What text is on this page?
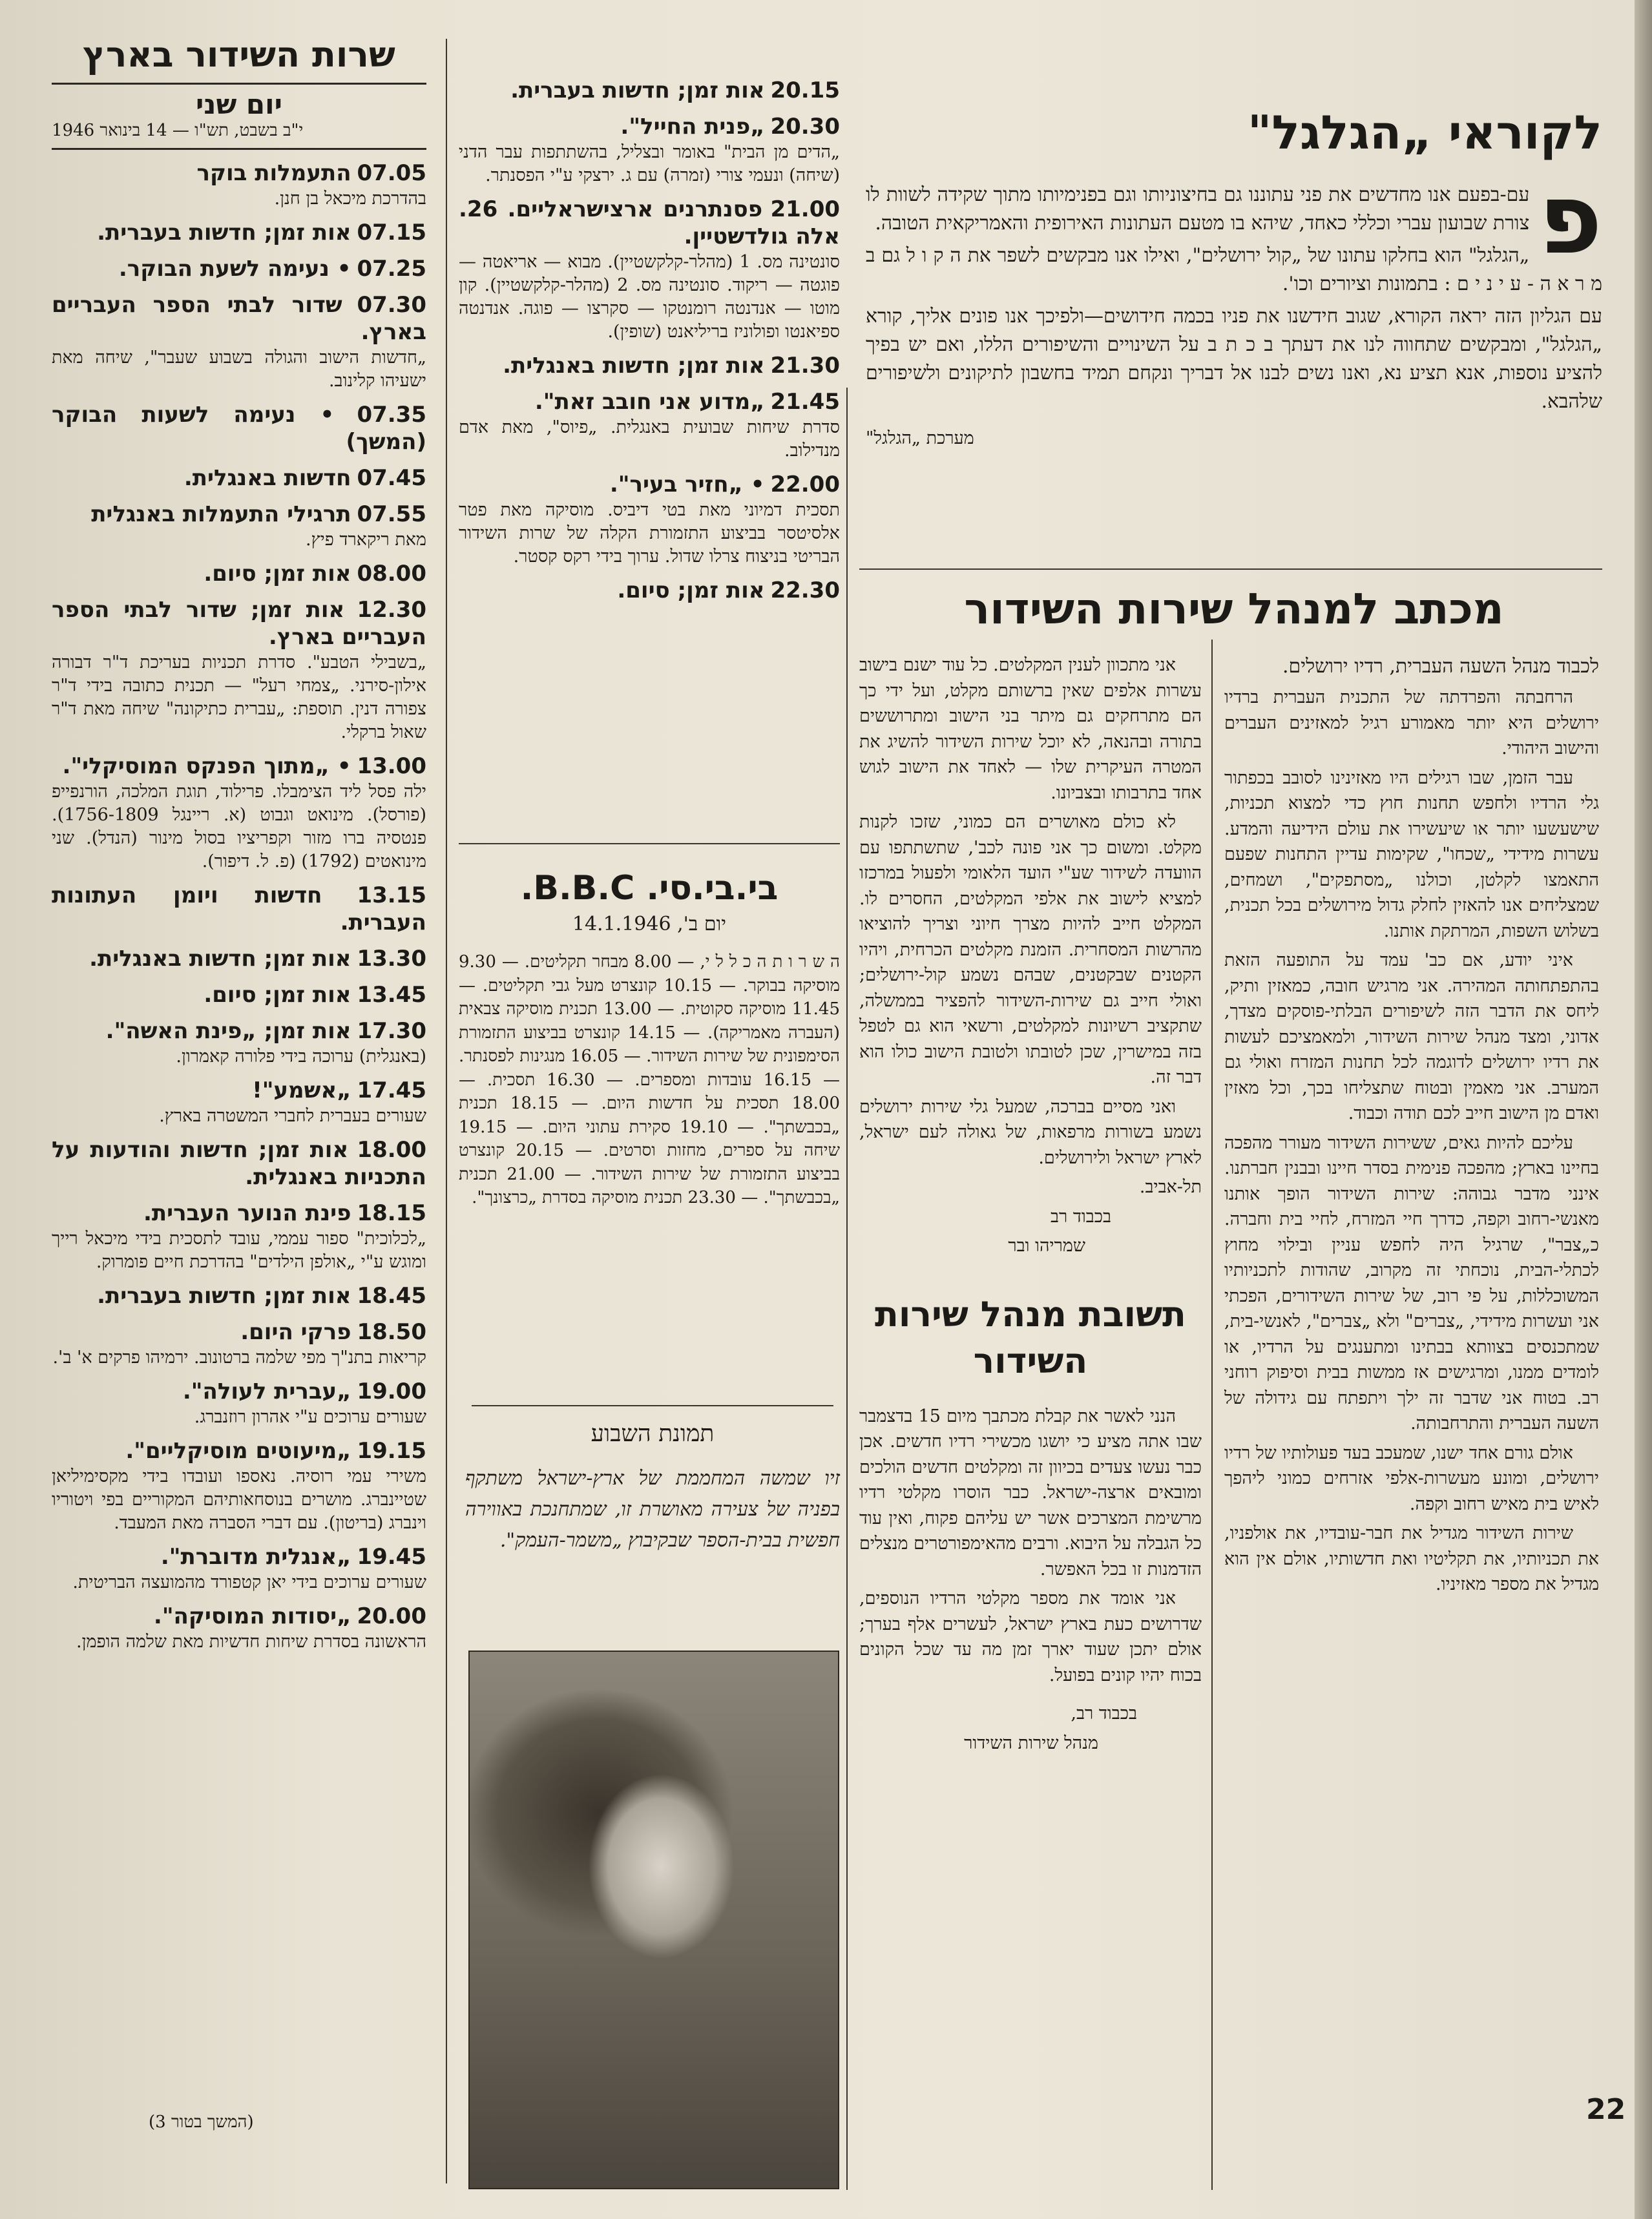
לקוראי „הגלגל"
פ

עם-בפעם אנו מחדשים את פני עתוננו גם בחיצוניותו וגם בפנימיותו מתוך שקידה לשוות לו צורת שבועון עברי וכללי כאחד, שיהא בו מטעם העתונות האירופית והאמריקאית הטובה.

„הגלגל" הוא בחלקו עתונו של „קול ירושלים", ואילו אנו מבקשים לשפר את ה ק ו ל גם ב מ ר א ה - ע י נ י ם : בתמונות וציורים וכו'.

עם הגליון הזה יראה הקורא, שגוב חידשנו את פניו בכמה חידושים—ולפיכך אנו פונים אליך, קורא „הגלגל", ומבקשים שתחווה לנו את דעתך ב כ ת ב על השינויים והשיפורים הללו, ואם יש בפיך להציע נוספות, אנא תציע נא, ואנו נשים לבנו אל דבריך ונקחם תמיד בחשבון לתיקונים ולשיפורים שלהבא.

מערכת „הגלגל"
מכתב למנהל שירות השידור

לכבוד מנהל השעה העברית, רדיו ירושלים.

הרחבתה והפרדתה של התכנית העברית ברדיו ירושלים היא יותר מאמורע רגיל למאזינים העברים והישוב היהודי.

עבר הזמן, שבו רגילים היו מאזינינו לסובב בכפתור גלי הרדיו ולחפש תחנות חוץ כדי למצוא תכניות, שישעשעו יותר או שיעשירו את עולם הידיעה והמדע. עשרות מידידי „שכחו", שקימות עדיין התחנות שפעם התאמצו לקלטן, וכולנו „מסתפקים", ושמחים, שמצליחים אנו להאזין לחלק גדול מירושלים בכל תכנית, בשלוש השפות, המרתקת אותנו.

איני יודע, אם כב' עמד על התופעה הזאת בהתפתחותה המהירה. אני מרגיש חובה, כמאזין ותיק, ליחס את הדבר הזה לשיפורים הבלתי-פוסקים מצדך, אדוני, ומצד מנהל שירות השידור, ולמאמציכם לעשות את רדיו ירושלים לדוגמה לכל תחנות המזרח ואולי גם המערב. אני מאמין ובטוח שתצליחו בכך, וכל מאזין ואדם מן הישוב חייב לכם תודה וכבוד.

עליכם להיות גאים, ששירות השידור מעורר מהפכה בחיינו בארץ; מהפכה פנימית בסדר חיינו ובבנין חברתנו. אינני מדבר גבוהה: שירות השידור הופך אותנו מאנשי-רחוב וקפה, כדרך חיי המזרח, לחיי בית וחברה. כ„צבר", שרגיל היה לחפש עניין ובילוי מחוץ לכתלי-הבית, נוכחתי זה מקרוב, שהודות לתכניותיו המשוכללות, על פי רוב, של שירות השידורים, הפכתי אני ועשרות מידידי, „צברים" ולא „צברים", לאנשי-בית, שמתכנסים בצוותא בבתינו ומתענגים על הרדיו, או לומדים ממנו, ומרגישים אז ממשות בבית וסיפוק רוחני רב. בטוח אני שדבר זה ילך ויתפתח עם גידולה של השעה העברית והתרחבותה.

אולם גורם אחד ישנו, שמעכב בעד פעולותיו של רדיו ירושלים, ומונע מעשרות-אלפי אזרחים כמוני ליהפך לאיש בית מאיש רחוב וקפה.

שירות השידור מגדיל את חבר-עובדיו, את אולפניו, את תכניותיו, את תקליטיו ואת חדשותיו, אולם אין הוא מגדיל את מספר מאזיניו.

אני מתכוון לענין המקלטים. כל עוד ישנם בישוב עשרות אלפים שאין ברשותם מקלט, ועל ידי כך הם מתרחקים גם מיתר בני הישוב ומתרוששים בתורה ובהנאה, לא יוכל שירות השידור להשיג את המטרה העיקרית שלו — לאחד את הישוב לגוש אחד בתרבותו ובצביונו.

לא כולם מאושרים הם כמוני, שזכו לקנות מקלט. ומשום כך אני פונה לכב', שתשתתפו עם הוועדה לשידור שע"י הועד הלאומי ולפעול במרכזו למציא לישוב את אלפי המקלטים, החסרים לו. המקלט חייב להיות מצרך חיוני וצריך להוציאו מהרשות המסחרית. הזמנת מקלטים הכרחית, ויהיו הקטנים שבקטנים, שבהם נשמע קול-ירושלים; ואולי חייב גם שירות-השידור להפציר בממשלה, שתקציב רשיונות למקלטים, ורשאי הוא גם לטפל בזה במישרין, שכן לטובתו ולטובת הישוב כולו הוא דבר זה.

ואני מסיים בברכה, שמעל גלי שירות ירושלים נשמע בשורות מרפאות, של גאולה לעם ישראל, לארץ ישראל ולירושלים.

תל-אביב.

בכבוד רב

שמריהו ובר

תשובת מנהל שירות השידור

הנני לאשר את קבלת מכתבך מיום 15 בדצמבר שבו אתה מציע כי יושגו מכשירי רדיו חדשים. אכן כבר נעשו צעדים בכיוון זה ומקלטים חדשים הולכים ומובאים ארצה-ישראל. כבר הוסרו מקלטי רדיו מרשימת המצרכים אשר יש עליהם פקוח, ואין עוד כל הגבלה על היבוא. ורבים מהאימפורטרים מנצלים הזדמנות זו בכל האפשר.

אני אומד את מספר מקלטי הרדיו הנוספים, שדרושים כעת בארץ ישראל, לעשרים אלף בערך; אולם יתכן שעוד יארך זמן מה עד שכל הקונים בכוח יהיו קונים בפועל.

בכבוד רב,

מנהל שירות השידור

22
20.15 אות זמן; חדשות בעברית.
20.30 „פנית החייל".
„הדים מן הבית" באומר ובצליל, בהשתתפות עבר הדני (שיחה) ונעמי צורי (זמרה) עם ג. ירצקי ע"י הפסנתר.
21.00 פסנתרנים ארצישראליים. 26. אלה גולדשטיין.
סונטינה מס. 1 (מהלר-קלקשטיין). מבוא — אריאטה — פוגטה — ריקוד. סונטינה מס. 2 (מהלר-קלקשטיין). קון מוטו — אנדנטה רומנטקו — סקרצו — פוגה. אנדנטה ספיאנטו ופולוניז בריליאנט (שופין).
21.30 אות זמן; חדשות באנגלית.
21.45 „מדוע אני חובב זאת".
סדרת שיחות שבועית באנגלית. „פיוס", מאת אדם מנדילוב.
22.00 • „חזיר בעיר".
תסכית דמיוני מאת בטי דיביס. מוסיקה מאת פטר אלסיטסר בביצוע התזמורת הקלה של שרות השידור הבריטי בניצוח צרלו שדול. ערוך בידי רקס קסטר.
22.30 אות זמן; סיום.
בי.בי.סי. B.B.C.
יום ב', 14.1.1946
ה ש ר ו ת ה כ ל ל י, — 8.00 מבחר תקליטים. — 9.30 מוסיקה בבוקר. — 10.15 קונצרט מעל גבי תקליטים. — 11.45 מוסיקה סקוטית. — 13.00 תכנית מוסיקה צבאית (העברה מאמריקה). — 14.15 קונצרט בביצוע התזמורת הסימפונית של שירות השידור. — 16.05 מנגינות לפסנתר. — 16.15 עובדות ומספרים. — 16.30 תסכית. — 18.00 תסכית על חדשות היום. — 18.15 תכנית „בכבשתך". — 19.10 סקירת עתוני היום. — 19.15 שיחה על ספרים, מחזות וסרטים. — 20.15 קונצרט בביצוע התזמורת של שירות השידור. — 21.00 תכנית „בכבשתך". — 23.30 תכנית מוסיקה בסדרת „כרצונך".
תמונת השבוע
זיו שמשה המחממת של ארץ-ישראל משתקף בפניה של צעירה מאושרת זו, שמתחנכת באווירה חפשית בבית-הספר שבקיבוץ „משמר-העמק".
שרות השידור בארץ
יום שני
י"ב בשבט, תש"ו — 14 בינואר 1946
07.05 התעמלות בוקר
בהדרכת מיכאל בן חנן.
07.15 אות זמן; חדשות בעברית.
07.25 • נעימה לשעת הבוקר.
07.30 שדור לבתי הספר העבריים בארץ.
„חדשות הישוב והגולה בשבוע שעבר", שיחה מאת ישעיהו קלינוב.
07.35 • נעימה לשעות הבוקר (המשך)
07.45 חדשות באנגלית.
07.55 תרגילי התעמלות באנגלית
מאת ריקארד פיץ.
08.00 אות זמן; סיום.
12.30 אות זמן; שדור לבתי הספר העבריים בארץ.
„בשבילי הטבע". סדרת תכניות בעריכת ד"ר דבורה אילון-סירני. „צמחי רעל" — תכנית כתובה בידי ד"ר צפורה דנין. תוספת: „עברית כתיקונה" שיחה מאת ד"ר שאול ברקלי.
13.00 • „מתוך הפנקס המוסיקלי".
ילה פסל ליד הצימבלו. פרילוד, תוגת המלכה, הורנפייפ (פורסל). מינואט וגבוט (א. ריינגל 1756-1809). פנטסיה ברו מזור וקפריציו בסול מינור (הנדל). שני מינואטים (1792) (פ. ל. דיפור).
13.15 חדשות ויומן העתונות העברית.
13.30 אות זמן; חדשות באנגלית.
13.45 אות זמן; סיום.
17.30 אות זמן; „פינת האשה".
(באנגלית) ערוכה בידי פלורה קאמרון.
17.45 „אשמע"!
שעורים בעברית לחברי המשטרה בארץ.
18.00 אות זמן; חדשות והודעות על התכניות באנגלית.
18.15 פינת הנוער העברית.
„לכלוכית" ספור עממי, עובד לתסכית בידי מיכאל רייך ומוגש ע"י „אולפן הילדים" בהדרכת חיים פומרוק.
18.45 אות זמן; חדשות בעברית.
18.50 פרקי היום.
קריאות בתנ"ך מפי שלמה ברטונוב. ירמיהו פרקים א' ב'.
19.00 „עברית לעולה".
שעורים ערוכים ע"י אהרון רוזנברג.
19.15 „מיעוטים מוסיקליים".
משירי עמי רוסיה. נאספו ועובדו בידי מקסימיליאן שטיינברג. מושרים בנוסחאותיהם המקוריים בפי ויטוריו וינברג (בריטון). עם דברי הסברה מאת המעבד.
19.45 „אנגלית מדוברת".
שעורים ערוכים בידי יאן קטפורד מהמועצה הבריטית.
20.00 „יסודות המוסיקה".
הראשונה בסדרת שיחות חדשיות מאת שלמה הופמן.
(המשך בטור 3)
